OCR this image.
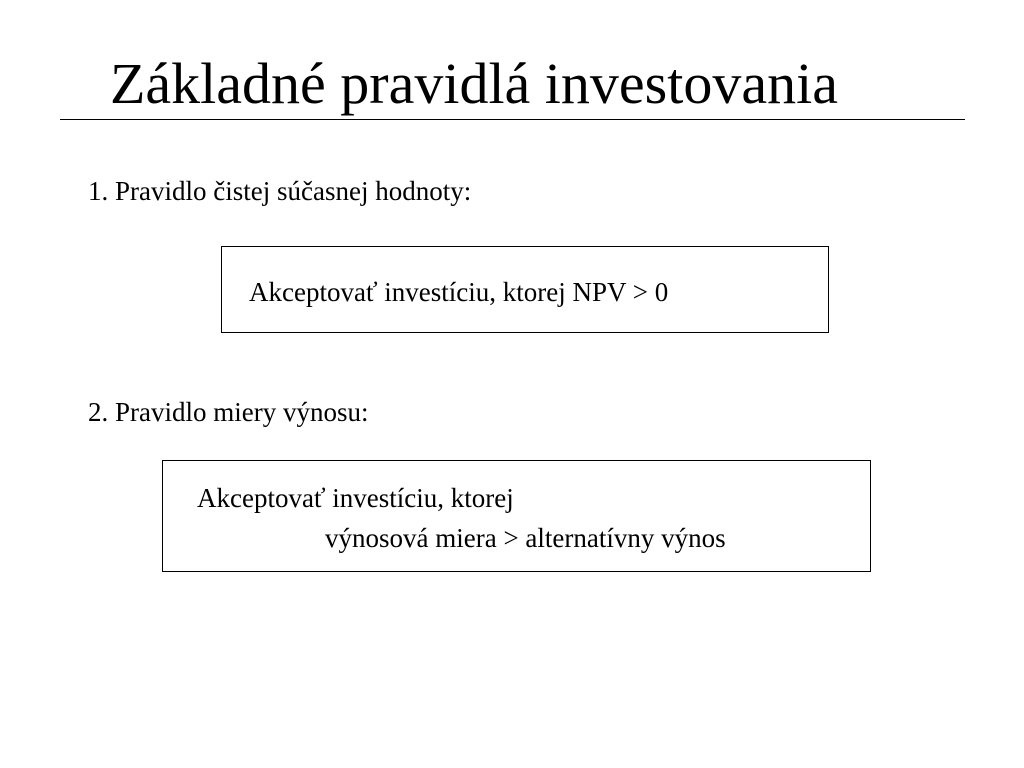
Základné pravidlá investovania
1. Pravidlo čistej súčasnej hodnoty:
Akceptovať investíciu, ktorej NPV > 0
2. Pravidlo miery výnosu:
Akceptovať investíciu, ktorej
výnosová miera > alternatívny výnos
